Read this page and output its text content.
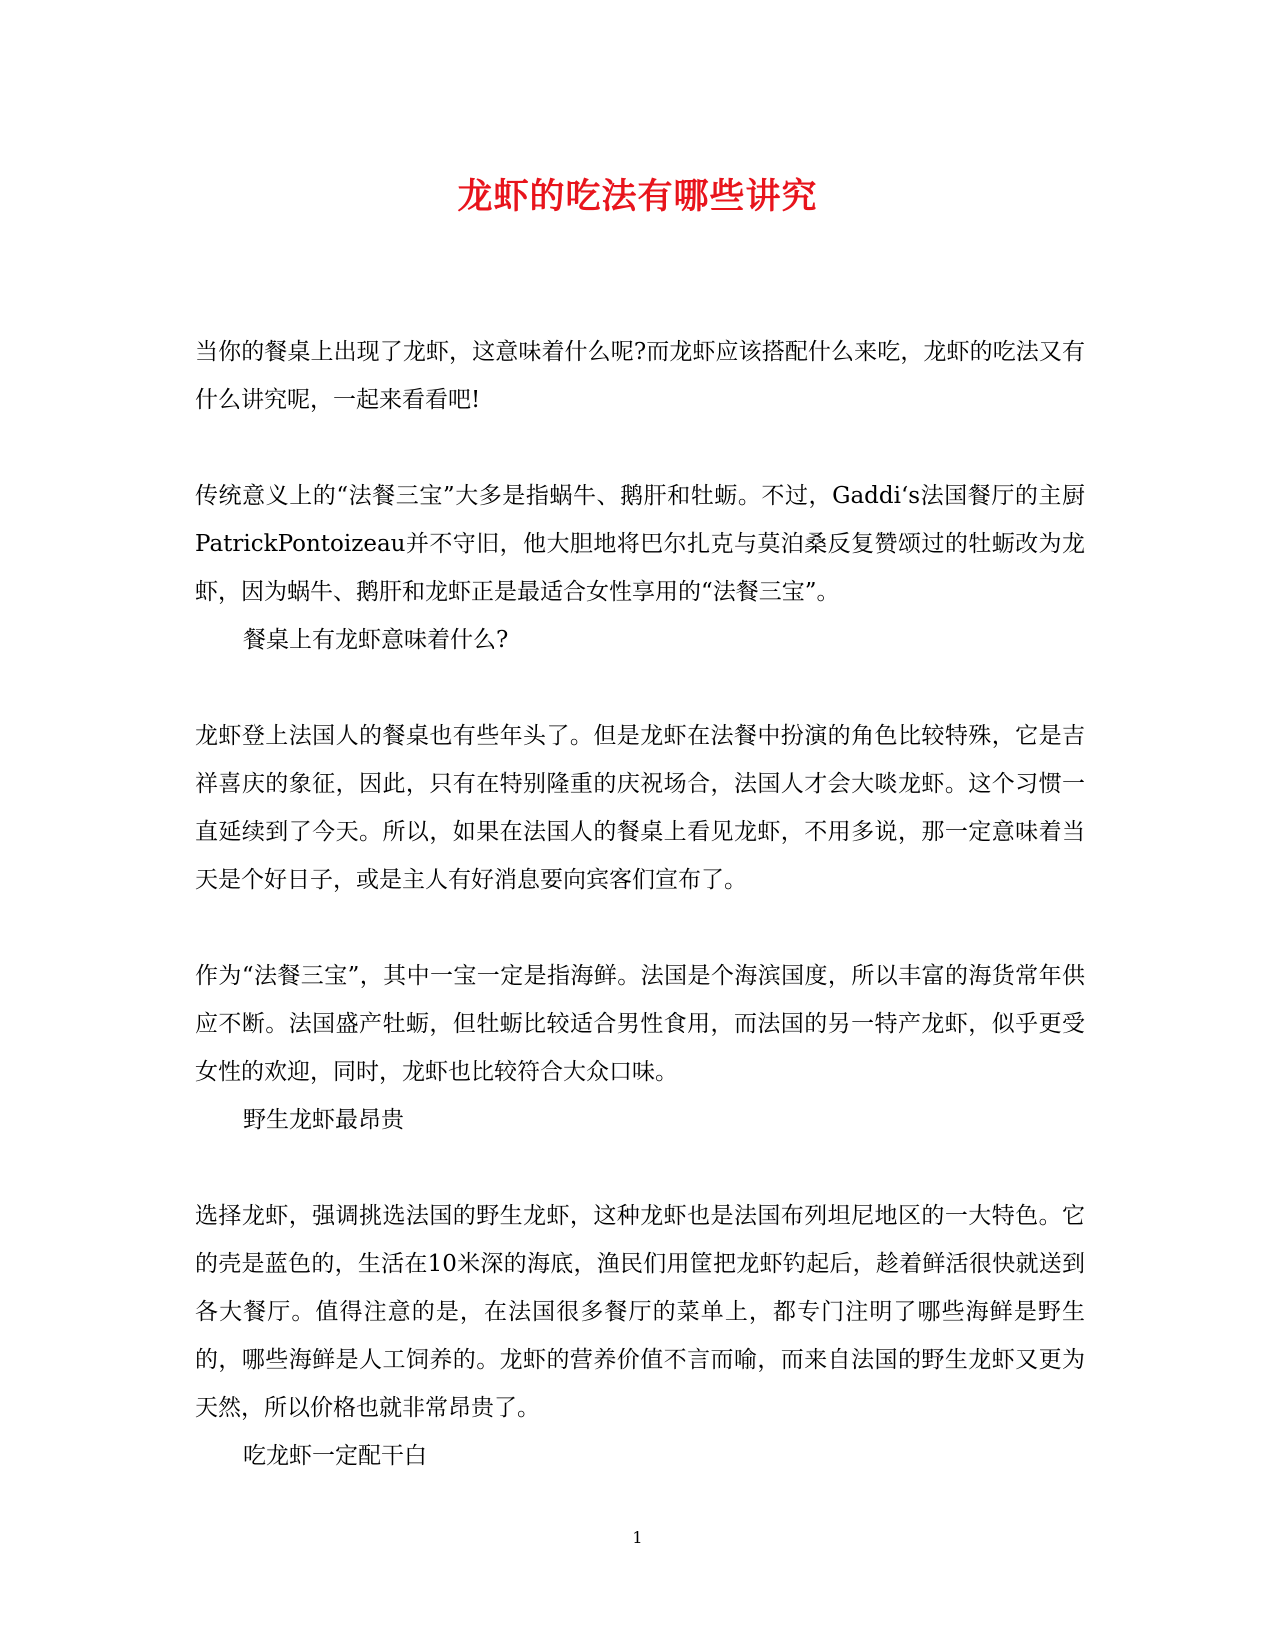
龙虾的吃法有哪些讲究

当你的餐桌上出现了龙虾，这意味着什么呢?而龙虾应该搭配什么来吃，龙虾的吃法又有什么讲究呢，一起来看看吧!

传统意义上的“法餐三宝”大多是指蜗牛、鹅肝和牡蛎。不过，Gaddi‘s法国餐厅的主厨PatrickPontoizeau并不守旧，他大胆地将巴尔扎克与莫泊桑反复赞颂过的牡蛎改为龙虾，因为蜗牛、鹅肝和龙虾正是最适合女性享用的“法餐三宝”。

餐桌上有龙虾意味着什么?

龙虾登上法国人的餐桌也有些年头了。但是龙虾在法餐中扮演的角色比较特殊，它是吉祥喜庆的象征，因此，只有在特别隆重的庆祝场合，法国人才会大啖龙虾。这个习惯一直延续到了今天。所以，如果在法国人的餐桌上看见龙虾，不用多说，那一定意味着当天是个好日子，或是主人有好消息要向宾客们宣布了。

作为“法餐三宝”，其中一宝一定是指海鲜。法国是个海滨国度，所以丰富的海货常年供应不断。法国盛产牡蛎，但牡蛎比较适合男性食用，而法国的另一特产龙虾，似乎更受女性的欢迎，同时，龙虾也比较符合大众口味。

野生龙虾最昂贵

选择龙虾，强调挑选法国的野生龙虾，这种龙虾也是法国布列坦尼地区的一大特色。它的壳是蓝色的，生活在10米深的海底，渔民们用筐把龙虾钓起后，趁着鲜活很快就送到各大餐厅。值得注意的是，在法国很多餐厅的菜单上，都专门注明了哪些海鲜是野生的，哪些海鲜是人工饲养的。龙虾的营养价值不言而喻，而来自法国的野生龙虾又更为天然，所以价格也就非常昂贵了。

吃龙虾一定配干白

1
